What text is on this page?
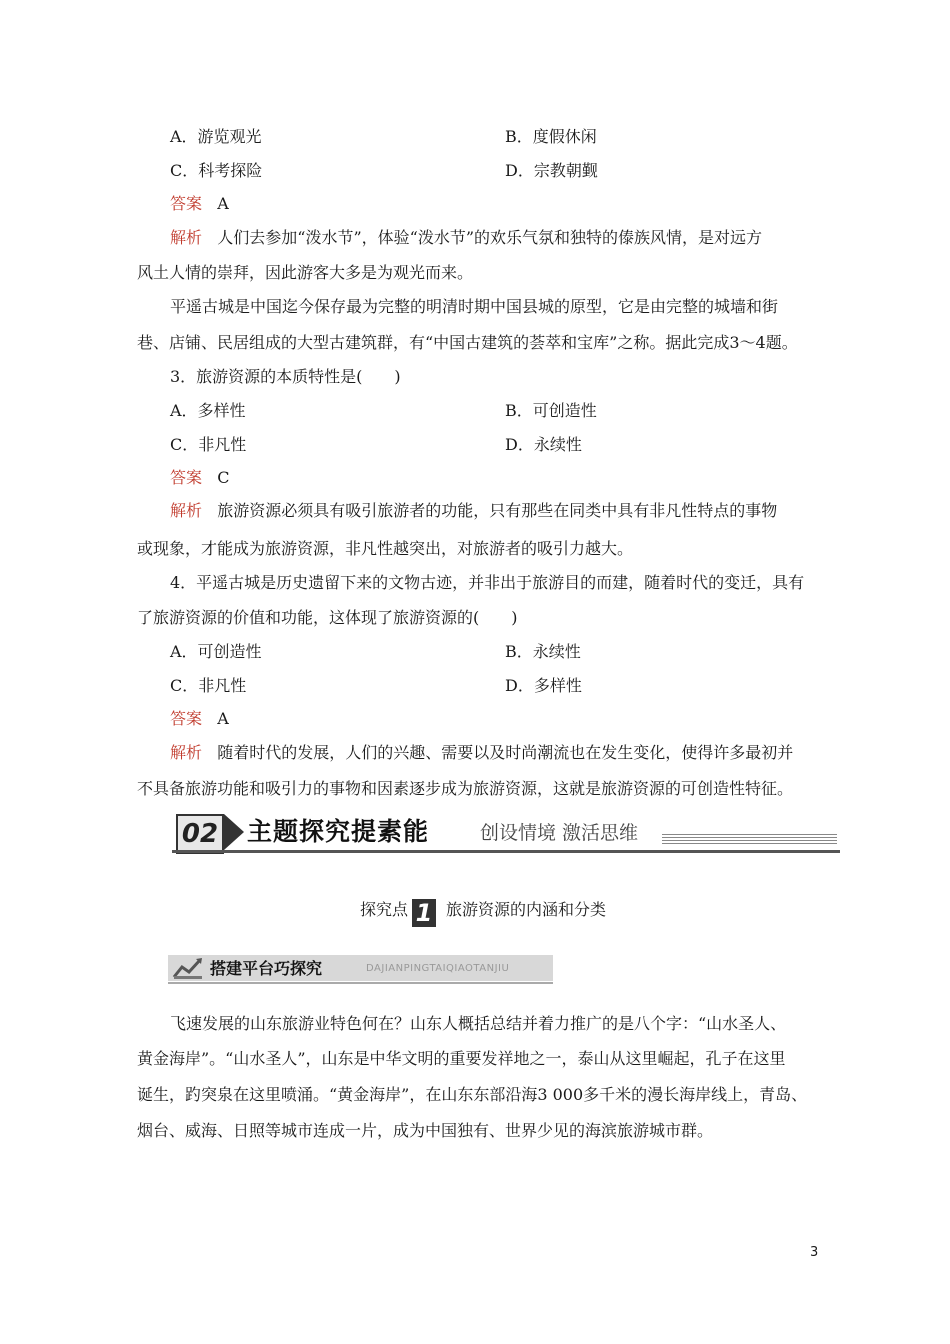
A．游览观光	B．度假休闲
C．科考探险	D．宗教朝觐
答案 A
解析 人们去参加“泼水节”，体验“泼水节”的欢乐气氛和独特的傣族风情，是对远方
风土人情的崇拜，因此游客大多是为观光而来。
平遥古城是中国迄今保存最为完整的明清时期中国县城的原型，它是由完整的城墙和街
巷、店铺、民居组成的大型古建筑群，有“中国古建筑的荟萃和宝库”之称。据此完成3～4题。
3．旅游资源的本质特性是(　　)
A．多样性	B．可创造性
C．非凡性	D．永续性
答案 C
解析 旅游资源必须具有吸引旅游者的功能，只有那些在同类中具有非凡性特点的事物
或现象，才能成为旅游资源，非凡性越突出，对旅游者的吸引力越大。
4．平遥古城是历史遗留下来的文物古迹，并非出于旅游目的而建，随着时代的变迁，具有
了旅游资源的价值和功能，这体现了旅游资源的(　　)
A．可创造性	B．永续性
C．非凡性	D．多样性
答案 A
解析 随着时代的发展，人们的兴趣、需要以及时尚潮流也在发生变化，使得许多最初并
不具备旅游功能和吸引力的事物和因素逐步成为旅游资源，这就是旅游资源的可创造性特征。
02 主题探究提素能	创设情境 激活思维
探究点 1 旅游资源的内涵和分类
搭建平台巧探究	DAJIANPINGTAIQIAOTANJIU
飞速发展的山东旅游业特色何在？山东人概括总结并着力推广的是八个字：“山水圣人、
黄金海岸”。“山水圣人”，山东是中华文明的重要发祥地之一，泰山从这里崛起，孔子在这里
诞生，趵突泉在这里喷涌。“黄金海岸”，在山东东部沿海3 000多千米的漫长海岸线上，青岛、
烟台、威海、日照等城市连成一片，成为中国独有、世界少见的海滨旅游城市群。
3
